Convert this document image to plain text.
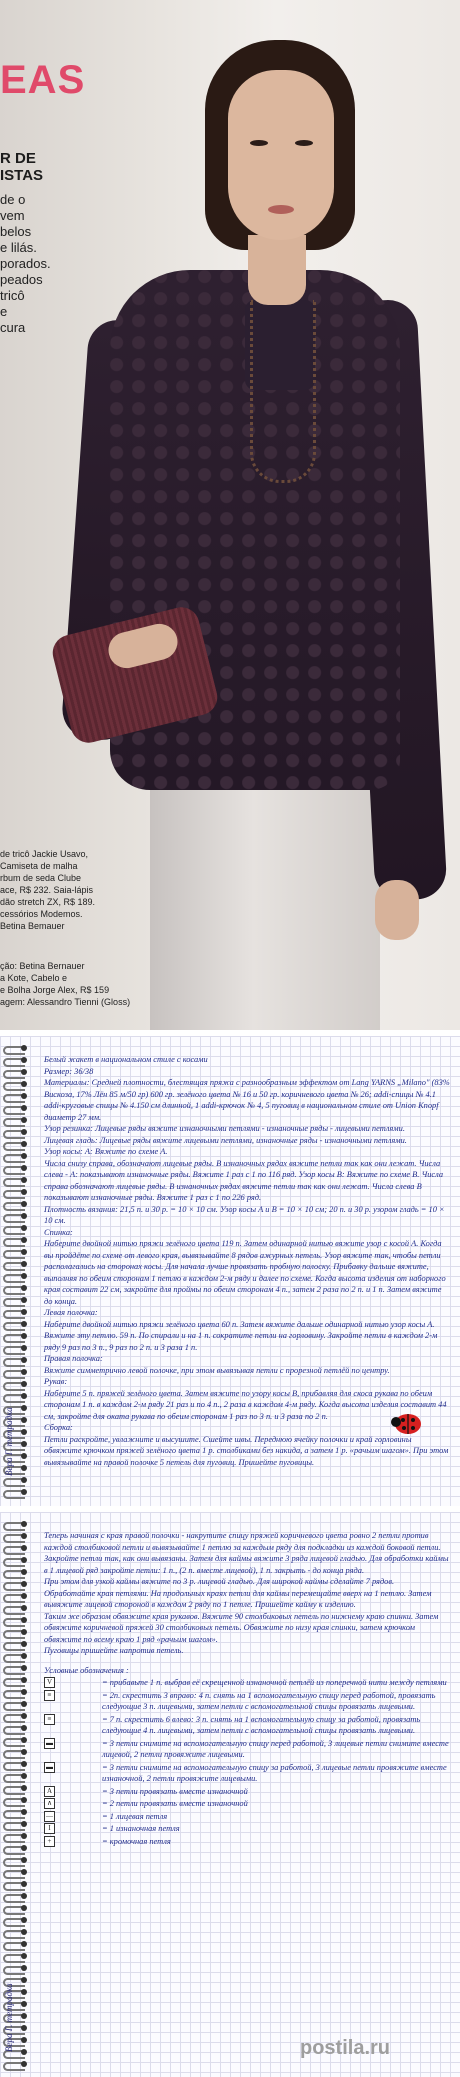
EAS
R DE
ISTAS
de o
vem
belos
e lilás.
porados.
peados
tricô
e
cura
de tricô Jackie Usavo,
Camiseta de malha
rbum de seda Clube
ace, R$ 232. Saia-lápis
dão stretch ZX, R$ 189.
cessórios Modemos.
Betina Bemauer
ção: Betina Bernauer
a Kote, Cabelo e
e Bolha Jorge Alex, R$ 159
agem: Alessandro Tienni (Gloss)
Вера Г. тетрадка

Белый жакет в национальном стиле с косами

Размер: 36/38

Материалы: Средней плотности, блестящая пряжа с разнообразным эффектом от Lang YARNS „Milano" (83% Вискоза, 17% Лён 85 м/50 гр) 600 гр. зелёного цвета № 16 и 50 гр. коричневого цвета № 26; addi-спицы № 4.1 addi-круговые спицы № 4.150 см длинной, 1 addi-крючок № 4, 5 пуговиц в национальном стиле от Union Knopf диаметр 27 мм.

Узор резинка: Лицевые ряды вяжите изнаночными петлями - изнаночные ряды - лицевыми петлями.

Лицевая гладь: Лицевые ряды вяжите лицевыми петлями, изнаночные ряды - изнаночными петлями.

Узор косы: А: Вяжите по схеме А.

Числа снизу справа, обозначают лицевые ряды. В изнаночных рядах вяжите петли так как они лежат. Числа слева - А: показывают изнаночные ряды. Вяжите 1 раз с 1 по 116 ряд. Узор косы В: Вяжите по схеме В. Числа справа обозначают лицевые ряды. В изнаночных рядах вяжите петли так как они лежат. Числа слева В показывают изнаночные ряды. Вяжите 1 раз с 1 по 226 ряд.

Плотность вязания: 21,5 п. и 30 р. = 10 × 10 см. Узор косы А и В = 10 × 10 см; 20 п. и 30 р. узором гладь = 10 × 10 см.

Спинка:

Наберите двойной нитью пряжи зелёного цвета 119 п. Затем одинарной нитью вяжите узор с косой А. Когда вы пройдёте по схеме от левого края, вывязывайте 8 рядов ажурных петель. Узор вяжите так, чтобы петли располагались на сторонах косы. Для начала лучше провязать пробную полоску. Прибавку дальше вяжите, выполняя по обеим сторонам 1 петлю в каждом 2-м ряду и далее по схеме. Когда высота изделия от наборного края составит 22 см, закройте для проймы по обеим сторонам 4 п., затем 2 раза по 2 п. и 1 п. Затем вяжите до конца.

Левая полочка:

Наберите двойной нитью пряжи зелёного цвета 60 п. Затем вяжите дальше одинарной нитью узор косы А. Вяжите эту петлю. 59 п. По спирали и на 1 п. сократите петли на горловину. Закройте петли в каждом 2-м ряду 9 раз по 3 п., 9 раз по 2 п. и 3 раза 1 п.

Правая полочка:

Вяжите симметрично левой полочке, при этом вывязывая петли с прорезной петлёй по центру.

Рукав:

Наберите 5 п. пряжей зелёного цвета. Затем вяжите по узору косы В, прибавляя для скоса рукава по обеим сторонам 1 п. в каждом 2-м ряду 21 раз и по 4 п., 2 раза в каждом 4-м ряду. Когда высота изделия составит 44 см, закройте для оката рукава по обеим сторонам 1 раз по 3 п. и 3 раза по 2 п.

Сборка:

Петли раскройте, увлажните и высушите. Сшейте швы. Переднюю ячейку полочки и край горловины обвяжите крючком пряжей зелёного цвета 1 р. столбиками без накида, а затем 1 р. «рачьим шагом». При этом вывязывайте на правой полочке 5 петель для пуговиц. Пришейте пуговицы.

Вера Г. тетрадка

Теперь начиная с края правой полочки - накрутите спицу пряжей коричневого цвета ровно 2 петли против каждой столбиковой петли и вывязывайте 1 петлю за каждым ряду для подкладки из каждой боковой петли. Закройте петли так, как они вывязаны. Затем для каймы вяжите 3 ряда лицевой гладью. Для обработки каймы в 1 лицевой ряд закройте петли: 1 п., (2 п. вместе лицевой), 1 п. закрыть - до конца ряда.

При этом для узкой каймы вяжите по 3 р. лицевой гладью. Для широкой каймы сделайте 7 рядов.

Обработайте края петлями. На продольных краях петли для каймы перемещайте вверх на 1 петлю. Затем вывяжите лицевой стороной в каждом 2 ряду по 1 петле. Пришейте кайму к изделию.

Таким же образом обвяжите края рукавов. Вяжите 90 столбиковых петель по нижнему краю спинки. Затем обвяжите коричневой пряжей 30 столбиковых петель. Обвяжите по низу края спинки, затем крючком обвяжите по всему краю 1 ряд «рачьим шагом».

Пуговицы пришейте напротив петель.

Условные обозначения :

V	= прибавьте 1 п. выбрав её скрещенной изнаночной петлёй из поперечной нити между петлями
≡	= 2п. скрестить 3 вправо: 4 п. снять на 1 вспомогательную спицу перед работой, провязать следующие 3 п. лицевыми, затем петли с вспомогательной спицы провязать лицевыми.
≡	= 7 п. скрестить 6 влево: 3 п. снять на 1 вспомогательную спицу за работой, провязать следующие 4 п. лицевыми, затем петли с вспомогательной спицы провязать лицевыми.
▬	= 3 петли снимите на вспомогательную спицу перед работой, 3 лицевые петли снимите вместе лицевой, 2 петли провяжите лицевыми.
▬	= 3 петли снимите на вспомогательную спицу за работой, 3 лицевые петли провяжите вместе изнаночной, 2 петли провяжите лицевыми.
A	= 3 петли провязать вместе изнаночной
∧	= 2 петли провязать вместе изнаночной
—	= 1 лицевая петля
I	= 1 изнаночная петля
+	= кромочная петля
postila.ru
